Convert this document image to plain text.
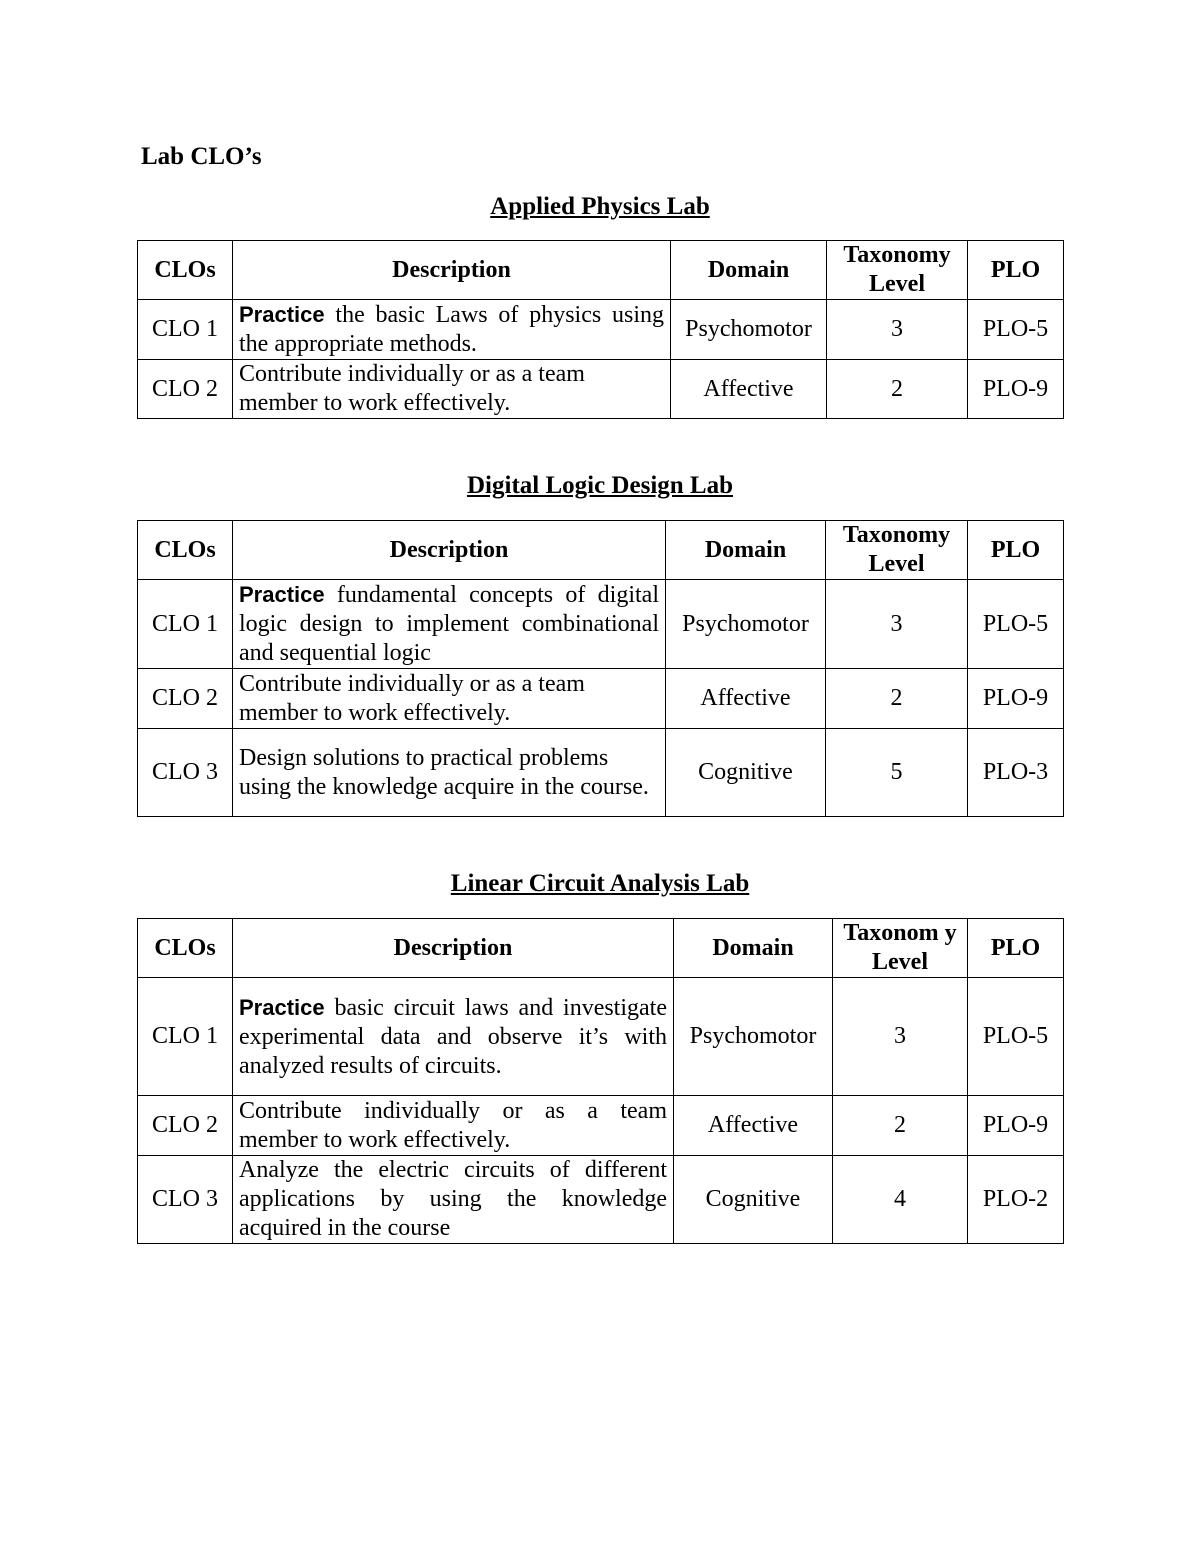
Lab CLO’s
Applied Physics Lab
CLOs	Description	Domain	Taxonomy Level	PLO
CLO 1	Practice the basic Laws of physics using the appropriate methods.	Psychomotor	3	PLO-5
CLO 2	Contribute individually or as a team member to work effectively.	Affective	2	PLO-9
Digital Logic Design Lab
CLOs	Description	Domain	Taxonomy Level	PLO
CLO 1	Practice fundamental concepts of digital logic design to implement combinational and sequential logic	Psychomotor	3	PLO-5
CLO 2	Contribute individually or as a team member to work effectively.	Affective	2	PLO-9
CLO 3	Design solutions to practical problems using the knowledge acquire in the course.	Cognitive	5	PLO-3
Linear Circuit Analysis Lab
CLOs	Description	Domain	Taxonom y Level	PLO
CLO 1	Practice basic circuit laws and investigate experimental data and observe it’s with analyzed results of circuits.	Psychomotor	3	PLO-5
CLO 2	Contribute individually or as a team member to work effectively.	Affective	2	PLO-9
CLO 3	Analyze the electric circuits of different applications by using the knowledge acquired in the course	Cognitive	4	PLO-2
